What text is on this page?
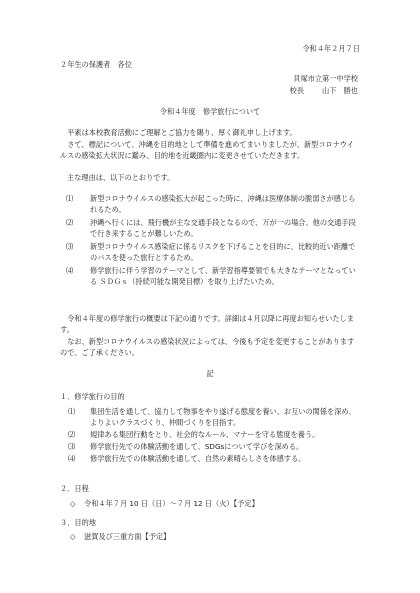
令和４年２月７日
２年生の保護者　各位
貝塚市立第一中学校
校長	山下　勝也
令和４年度　修学旅行について
平素は本校教育活動にご理解とご協力を賜り、厚く御礼申し上げます。
さて、標記について、沖縄を目的地として準備を進めてまいりましたが、新型コロナウイルスの感染拡大状況に鑑み、目的地を近畿圏内に変更させていただきます。
主な理由は、以下のとおりです。
⑴	新型コロナウイルスの感染拡大が起こった時に、沖縄は医療体制の脆弱さが感じられるため。
⑵	沖縄へ行くには、飛行機が主な交通手段となるので、万が一の場合、他の交通手段で行き来することが難しいため。
⑶	新型コロナウイルス感染症に係るリスクを下げることを目的に、比較的近い距離でのバスを使った旅行とするため。
⑷	修学旅行に伴う学習のテーマとして、新学習指導要領でも大きなテーマとなっている ＳＤＧｓ（持続可能な開発目標）を取り上げたいため。
令和４年度の修学旅行の概要は下記の通りです。詳細は４月以降に再度お知らせいたします。
なお、新型コロナウイルスの感染状況によっては、今後も予定を変更することがありますので、ご了承ください。
記
１．修学旅行の目的
⑴	集団生活を通して、協力して物事をやり遂げる態度を養い、お互いの関係を深め、よりよいクラスづくり、仲間づくりを目指す。
⑵	規律ある集団行動をとり、社会的なルール、マナーを守る態度を養う。
⑶	修学旅行先での体験活動を通して、SDGsについて学びを深める。
⑷	修学旅行先での体験活動を通して、自然の素晴らしさを体感する。
２．日程
◇ 令和４年７月 10 日（日）〜７月 12 日（火）【予定】
３．目的地
◇ 滋賀及び三重方面【予定】
